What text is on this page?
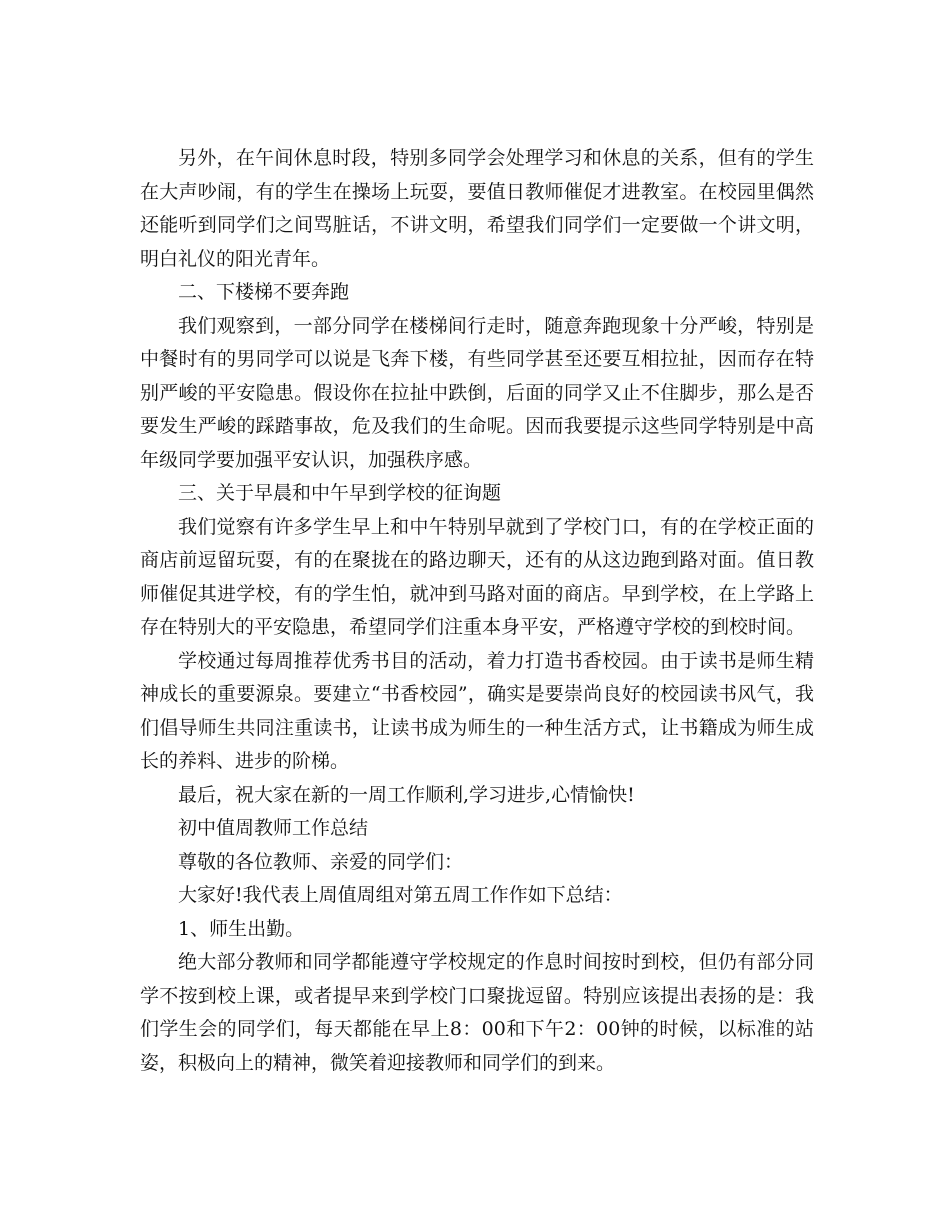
另外，在午间休息时段，特别多同学会处理学习和休息的关系，但有的学生在大声吵闹，有的学生在操场上玩耍，要值日教师催促才进教室。在校园里偶然还能听到同学们之间骂脏话，不讲文明，希望我们同学们一定要做一个讲文明，明白礼仪的阳光青年。

二、下楼梯不要奔跑

我们观察到，一部分同学在楼梯间行走时，随意奔跑现象十分严峻，特别是中餐时有的男同学可以说是飞奔下楼，有些同学甚至还要互相拉扯，因而存在特别严峻的平安隐患。假设你在拉扯中跌倒，后面的同学又止不住脚步，那么是否要发生严峻的踩踏事故，危及我们的生命呢。因而我要提示这些同学特别是中高年级同学要加强平安认识，加强秩序感。

三、关于早晨和中午早到学校的征询题

我们觉察有许多学生早上和中午特别早就到了学校门口，有的在学校正面的商店前逗留玩耍，有的在聚拢在的路边聊天，还有的从这边跑到路对面。值日教师催促其进学校，有的学生怕，就冲到马路对面的商店。早到学校，在上学路上存在特别大的平安隐患，希望同学们注重本身平安，严格遵守学校的到校时间。

学校通过每周推荐优秀书目的活动，着力打造书香校园。由于读书是师生精神成长的重要源泉。要建立“书香校园”，确实是要崇尚良好的校园读书风气，我们倡导师生共同注重读书，让读书成为师生的一种生活方式，让书籍成为师生成长的养料、进步的阶梯。

最后，祝大家在新的一周工作顺利,学习进步,心情愉快!

初中值周教师工作总结

尊敬的各位教师、亲爱的同学们：

大家好!我代表上周值周组对第五周工作作如下总结：

1、师生出勤。

绝大部分教师和同学都能遵守学校规定的作息时间按时到校，但仍有部分同学不按到校上课，或者提早来到学校门口聚拢逗留。特别应该提出表扬的是：我们学生会的同学们，每天都能在早上8：00和下午2：00钟的时候，以标准的站姿，积极向上的精神，微笑着迎接教师和同学们的到来。
